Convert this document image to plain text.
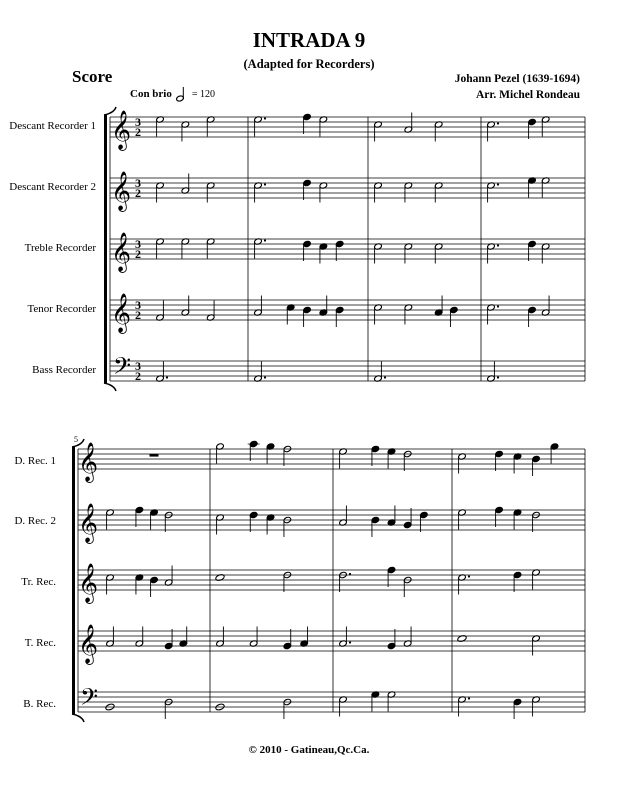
INTRADA 9
(Adapted for Recorders)
Score	Johann Pezel (1639-1694)
Arr. Michel Rondeau
Con brio = 120
Descant Recorder 1
Descant Recorder 2
Treble Recorder
Tenor Recorder
Bass Recorder
D. Rec. 1
D. Rec. 2
Tr. Rec.
T. Rec.
B. Rec.
𝄞 3
2
𝄞 3
2
𝄞 3
2
𝄞 3
2
𝄢 3
2
𝄞
𝄞
𝄞
𝄞
𝄢
5
© 2010 - Gatineau,Qc.Ca.
